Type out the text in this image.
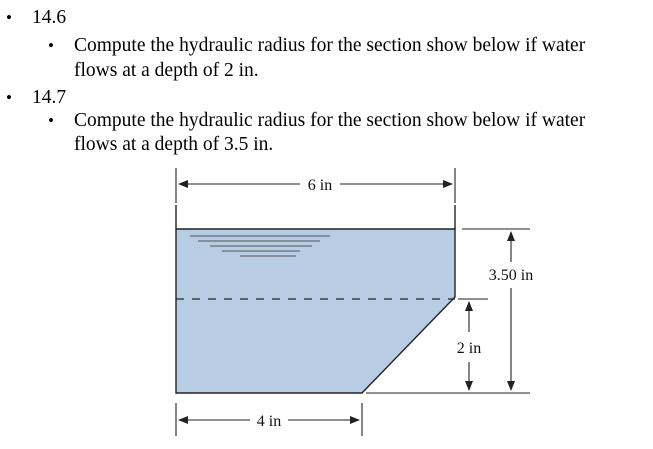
• 14.6
• Compute the hydraulic radius for the section show below if water
flows at a depth of 2 in.
• 14.7
• Compute the hydraulic radius for the section show below if water
flows at a depth of 3.5 in.
6 in
4 in
3.50 in
2 in
